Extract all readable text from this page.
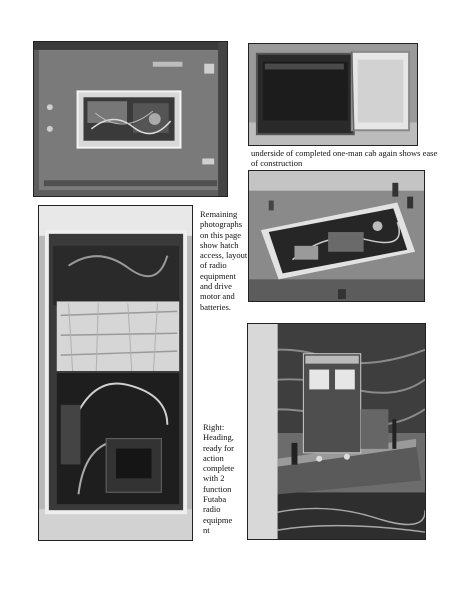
underside of completed one-man cab again shows ease
of construction
Remaining
photographs
on this page
show hatch
access, layout
of radio
equipment
and drive
motor and
batteries.
Right:
Heading,
ready for
action
complete
with 2
function
Futaba
radio
equipme
nt
